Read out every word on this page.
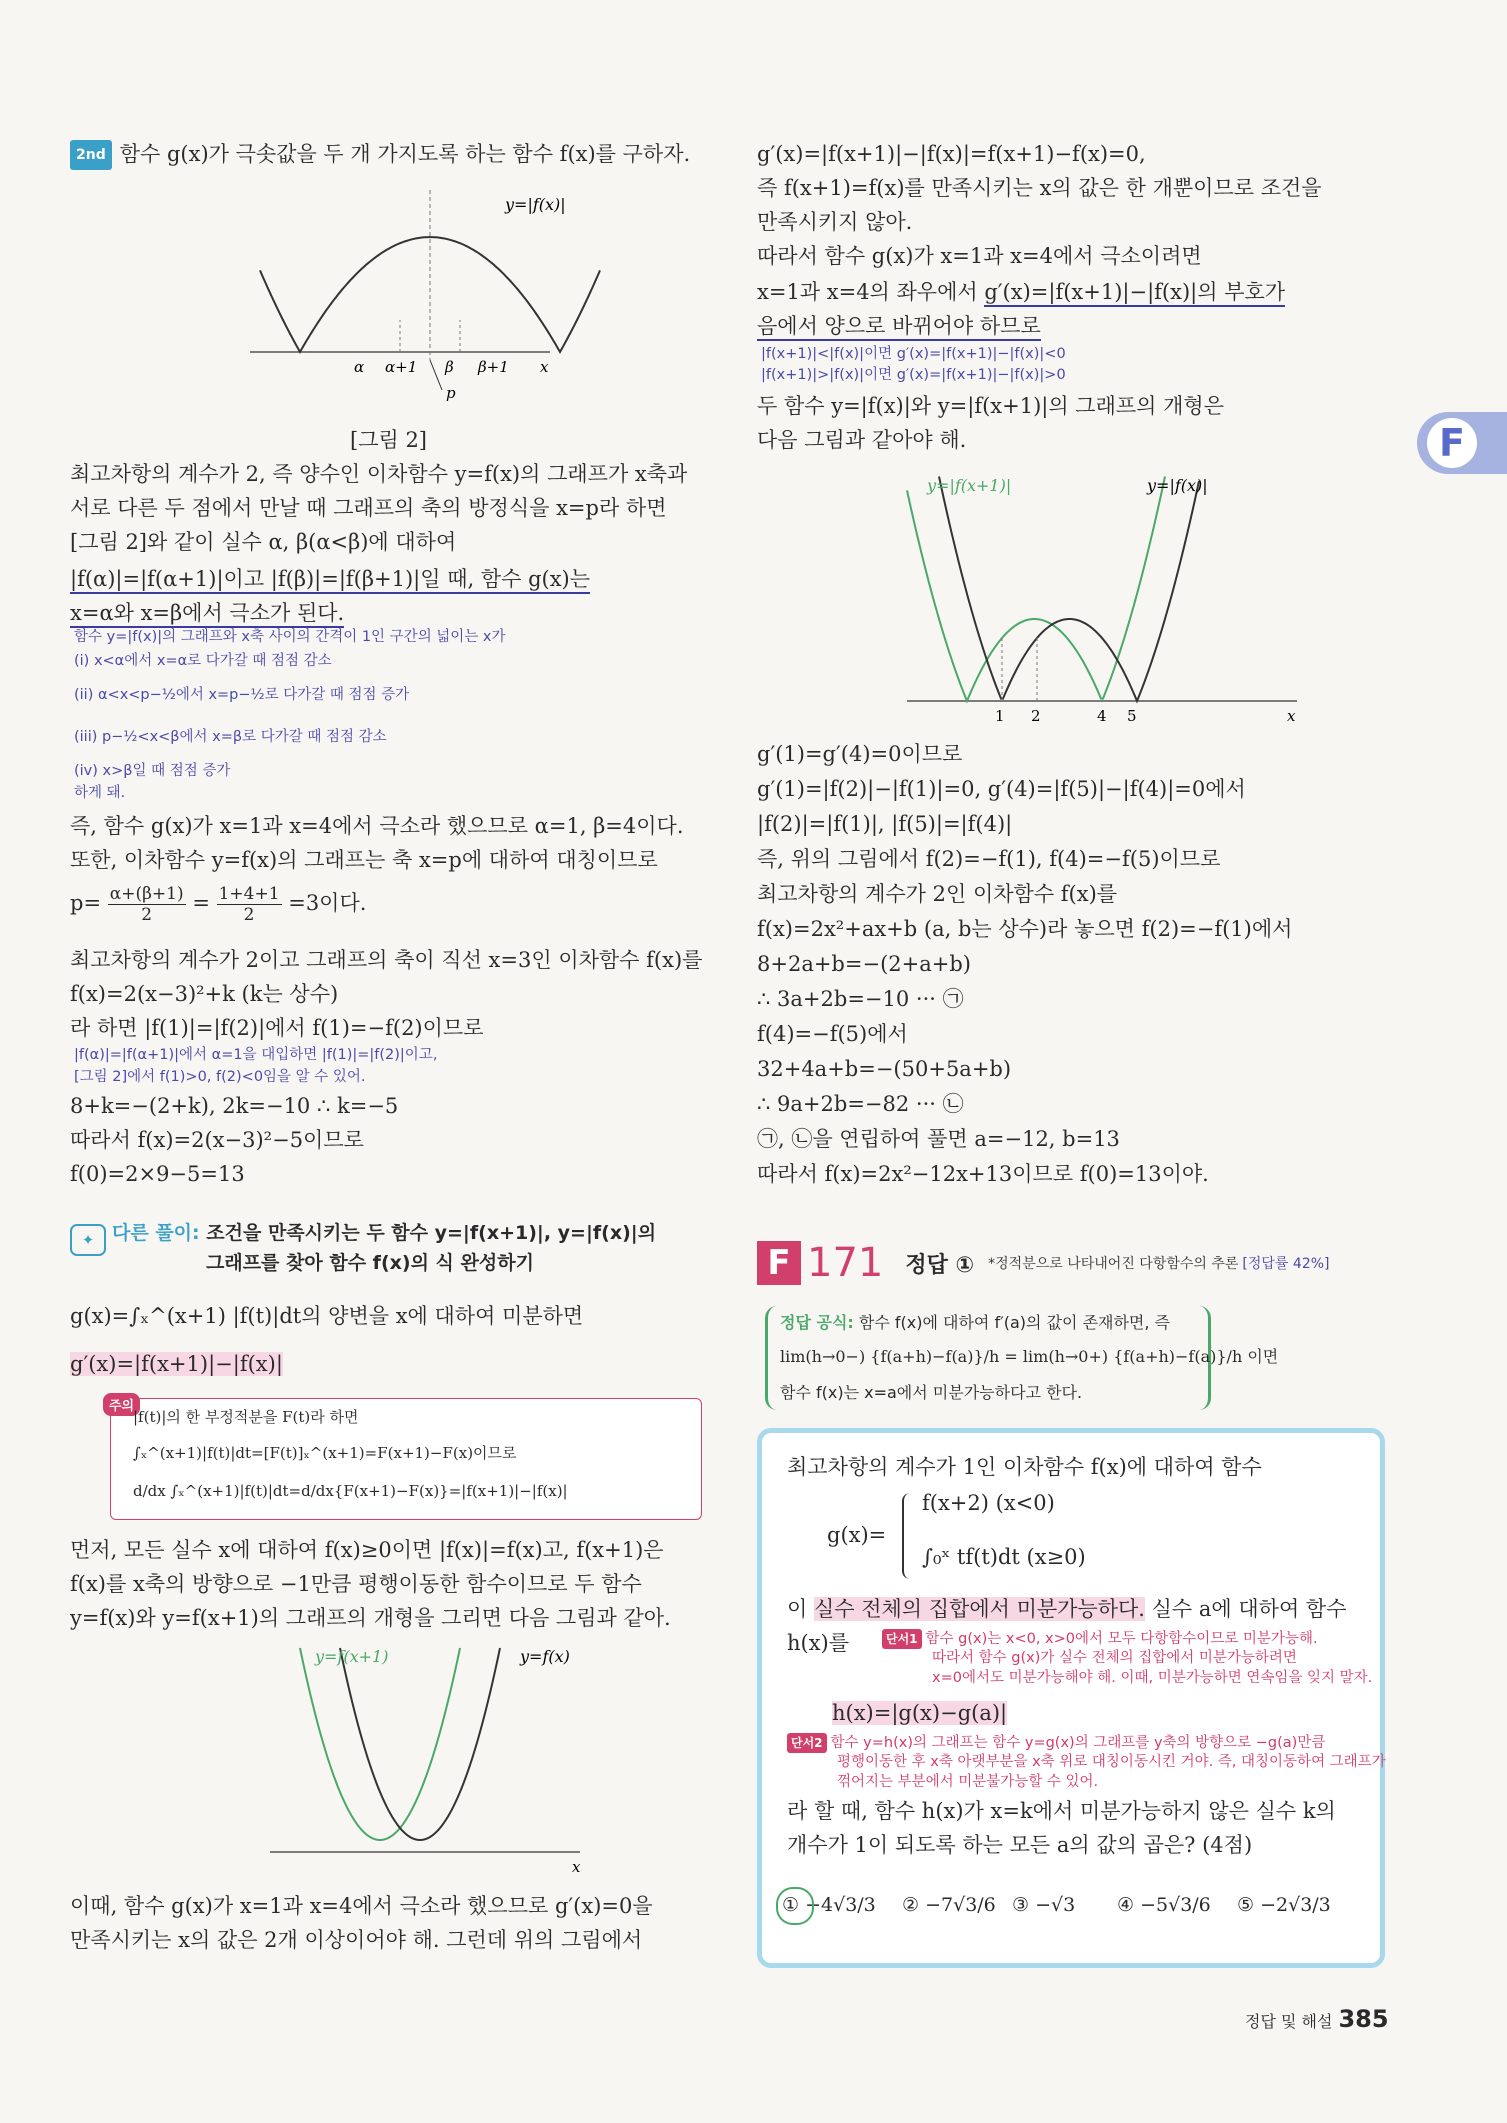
2nd 함수 g(x)가 극솟값을 두 개 가지도록 하는 함수 f(x)를 구하자.
y=|f(x)|
α α+1 β β+1 x
p
[그림 2]
최고차항의 계수가 2, 즉 양수인 이차함수 y=f(x)의 그래프가 x축과
서로 다른 두 점에서 만날 때 그래프의 축의 방정식을 x=p라 하면
[그림 2]와 같이 실수 α, β(α<β)에 대하여
|f(α)|=|f(α+1)|이고 |f(β)|=|f(β+1)|일 때, 함수 g(x)는
x=α와 x=β에서 극소가 된다.
함수 y=|f(x)|의 그래프와 x축 사이의 간격이 1인 구간의 넓이는 x가
(i) x<α에서 x=α로 다가갈 때 점점 감소
(ii) α<x<p−½에서 x=p−½로 다가갈 때 점점 증가
(iii) p−½<x<β에서 x=β로 다가갈 때 점점 감소
(iv) x>β일 때 점점 증가
하게 돼.
즉, 함수 g(x)가 x=1과 x=4에서 극소라 했으므로 α=1, β=4이다.
또한, 이차함수 y=f(x)의 그래프는 축 x=p에 대하여 대칭이므로
$p= \frac{\alpha+(\beta+1)}{2} = \frac{1+4+1}{2} =3$이다.
최고차항의 계수가 2이고 그래프의 축이 직선 x=3인 이차함수 f(x)를
f(x)=2(x−3)²+k (k는 상수)
라 하면 |f(1)|=|f(2)|에서 f(1)=−f(2)이므로
|f(α)|=|f(α+1)|에서 α=1을 대입하면 |f(1)|=|f(2)|이고,
[그림 2]에서 f(1)>0, f(2)<0임을 알 수 있어.
8+k=−(2+k), 2k=−10 ∴ k=−5
따라서 f(x)=2(x−3)²−5이므로
f(0)=2×9−5=13
✦ 다른 풀이: 조건을 만족시키는 두 함수 y=|f(x+1)|, y=|f(x)|의
그래프를 찾아 함수 f(x)의 식 완성하기
g(x)=∫ₓ^(x+1) |f(t)|dt의 양변을 x에 대하여 미분하면
g′(x)=|f(x+1)|−|f(x)|
주의
|f(t)|의 한 부정적분을 F(t)라 하면
∫ₓ^(x+1)|f(t)|dt=[F(t)]ₓ^(x+1)=F(x+1)−F(x)이므로
d/dx ∫ₓ^(x+1)|f(t)|dt=d/dx{F(x+1)−F(x)}=|f(x+1)|−|f(x)|
먼저, 모든 실수 x에 대하여 f(x)≥0이면 |f(x)|=f(x)고, f(x+1)은
f(x)를 x축의 방향으로 −1만큼 평행이동한 함수이므로 두 함수
y=f(x)와 y=f(x+1)의 그래프의 개형을 그리면 다음 그림과 같아.
y=f(x+1)	y=f(x)
x
이때, 함수 g(x)가 x=1과 x=4에서 극소라 했으므로 g′(x)=0을
만족시키는 x의 값은 2개 이상이어야 해. 그런데 위의 그림에서
g′(x)=|f(x+1)|−|f(x)|=f(x+1)−f(x)=0,
즉 f(x+1)=f(x)를 만족시키는 x의 값은 한 개뿐이므로 조건을
만족시키지 않아.
따라서 함수 g(x)가 x=1과 x=4에서 극소이려면
x=1과 x=4의 좌우에서 g′(x)=|f(x+1)|−|f(x)|의 부호가
음에서 양으로 바뀌어야 하므로
|f(x+1)|<|f(x)|이면 g′(x)=|f(x+1)|−|f(x)|<0
|f(x+1)|>|f(x)|이면 g′(x)=|f(x+1)|−|f(x)|>0
두 함수 y=|f(x)|와 y=|f(x+1)|의 그래프의 개형은
다음 그림과 같아야 해.
y=|f(x+1)|	y=|f(x)|
1 2	4 5	x
g′(1)=g′(4)=0이므로
g′(1)=|f(2)|−|f(1)|=0, g′(4)=|f(5)|−|f(4)|=0에서
|f(2)|=|f(1)|, |f(5)|=|f(4)|
즉, 위의 그림에서 f(2)=−f(1), f(4)=−f(5)이므로
최고차항의 계수가 2인 이차함수 f(x)를
f(x)=2x²+ax+b (a, b는 상수)라 놓으면 f(2)=−f(1)에서
8+2a+b=−(2+a+b)
∴ 3a+2b=−10 ··· ㉠
f(4)=−f(5)에서
32+4a+b=−(50+5a+b)
∴ 9a+2b=−82 ··· ㉡
㉠, ㉡을 연립하여 풀면 a=−12, b=13
따라서 f(x)=2x²−12x+13이므로 f(0)=13이야.
F
F 171 정답 ① *정적분으로 나타내어진 다항함수의 추론 [정답률 42%]
정답 공식: 함수 f(x)에 대하여 f′(a)의 값이 존재하면, 즉
lim(h→0−) {f(a+h)−f(a)}/h = lim(h→0+) {f(a+h)−f(a)}/h 이면
함수 f(x)는 x=a에서 미분가능하다고 한다.
최고차항의 계수가 1인 이차함수 f(x)에 대하여 함수
g(x)=
f(x+2) (x<0)
∫₀ˣ tf(t)dt (x≥0)
이 실수 전체의 집합에서 미분가능하다. 실수 a에 대하여 함수
h(x)를	단서1 함수 g(x)는 x<0, x>0에서 모두 다항함수이므로 미분가능해.
따라서 함수 g(x)가 실수 전체의 집합에서 미분가능하려면
x=0에서도 미분가능해야 해. 이때, 미분가능하면 연속임을 잊지 말자.
h(x)=|g(x)−g(a)|
단서2 함수 y=h(x)의 그래프는 함수 y=g(x)의 그래프를 y축의 방향으로 −g(a)만큼
평행이동한 후 x축 아랫부분을 x축 위로 대칭이동시킨 거야. 즉, 대칭이동하여 그래프가
꺾어지는 부분에서 미분불가능할 수 있어.
라 할 때, 함수 h(x)가 x=k에서 미분가능하지 않은 실수 k의
개수가 1이 되도록 하는 모든 a의 값의 곱은? (4점)
① −4√3/3 ② −7√3/6 ③ −√3 ④ −5√3/6 ⑤ −2√3/3
정답 및 해설 385
